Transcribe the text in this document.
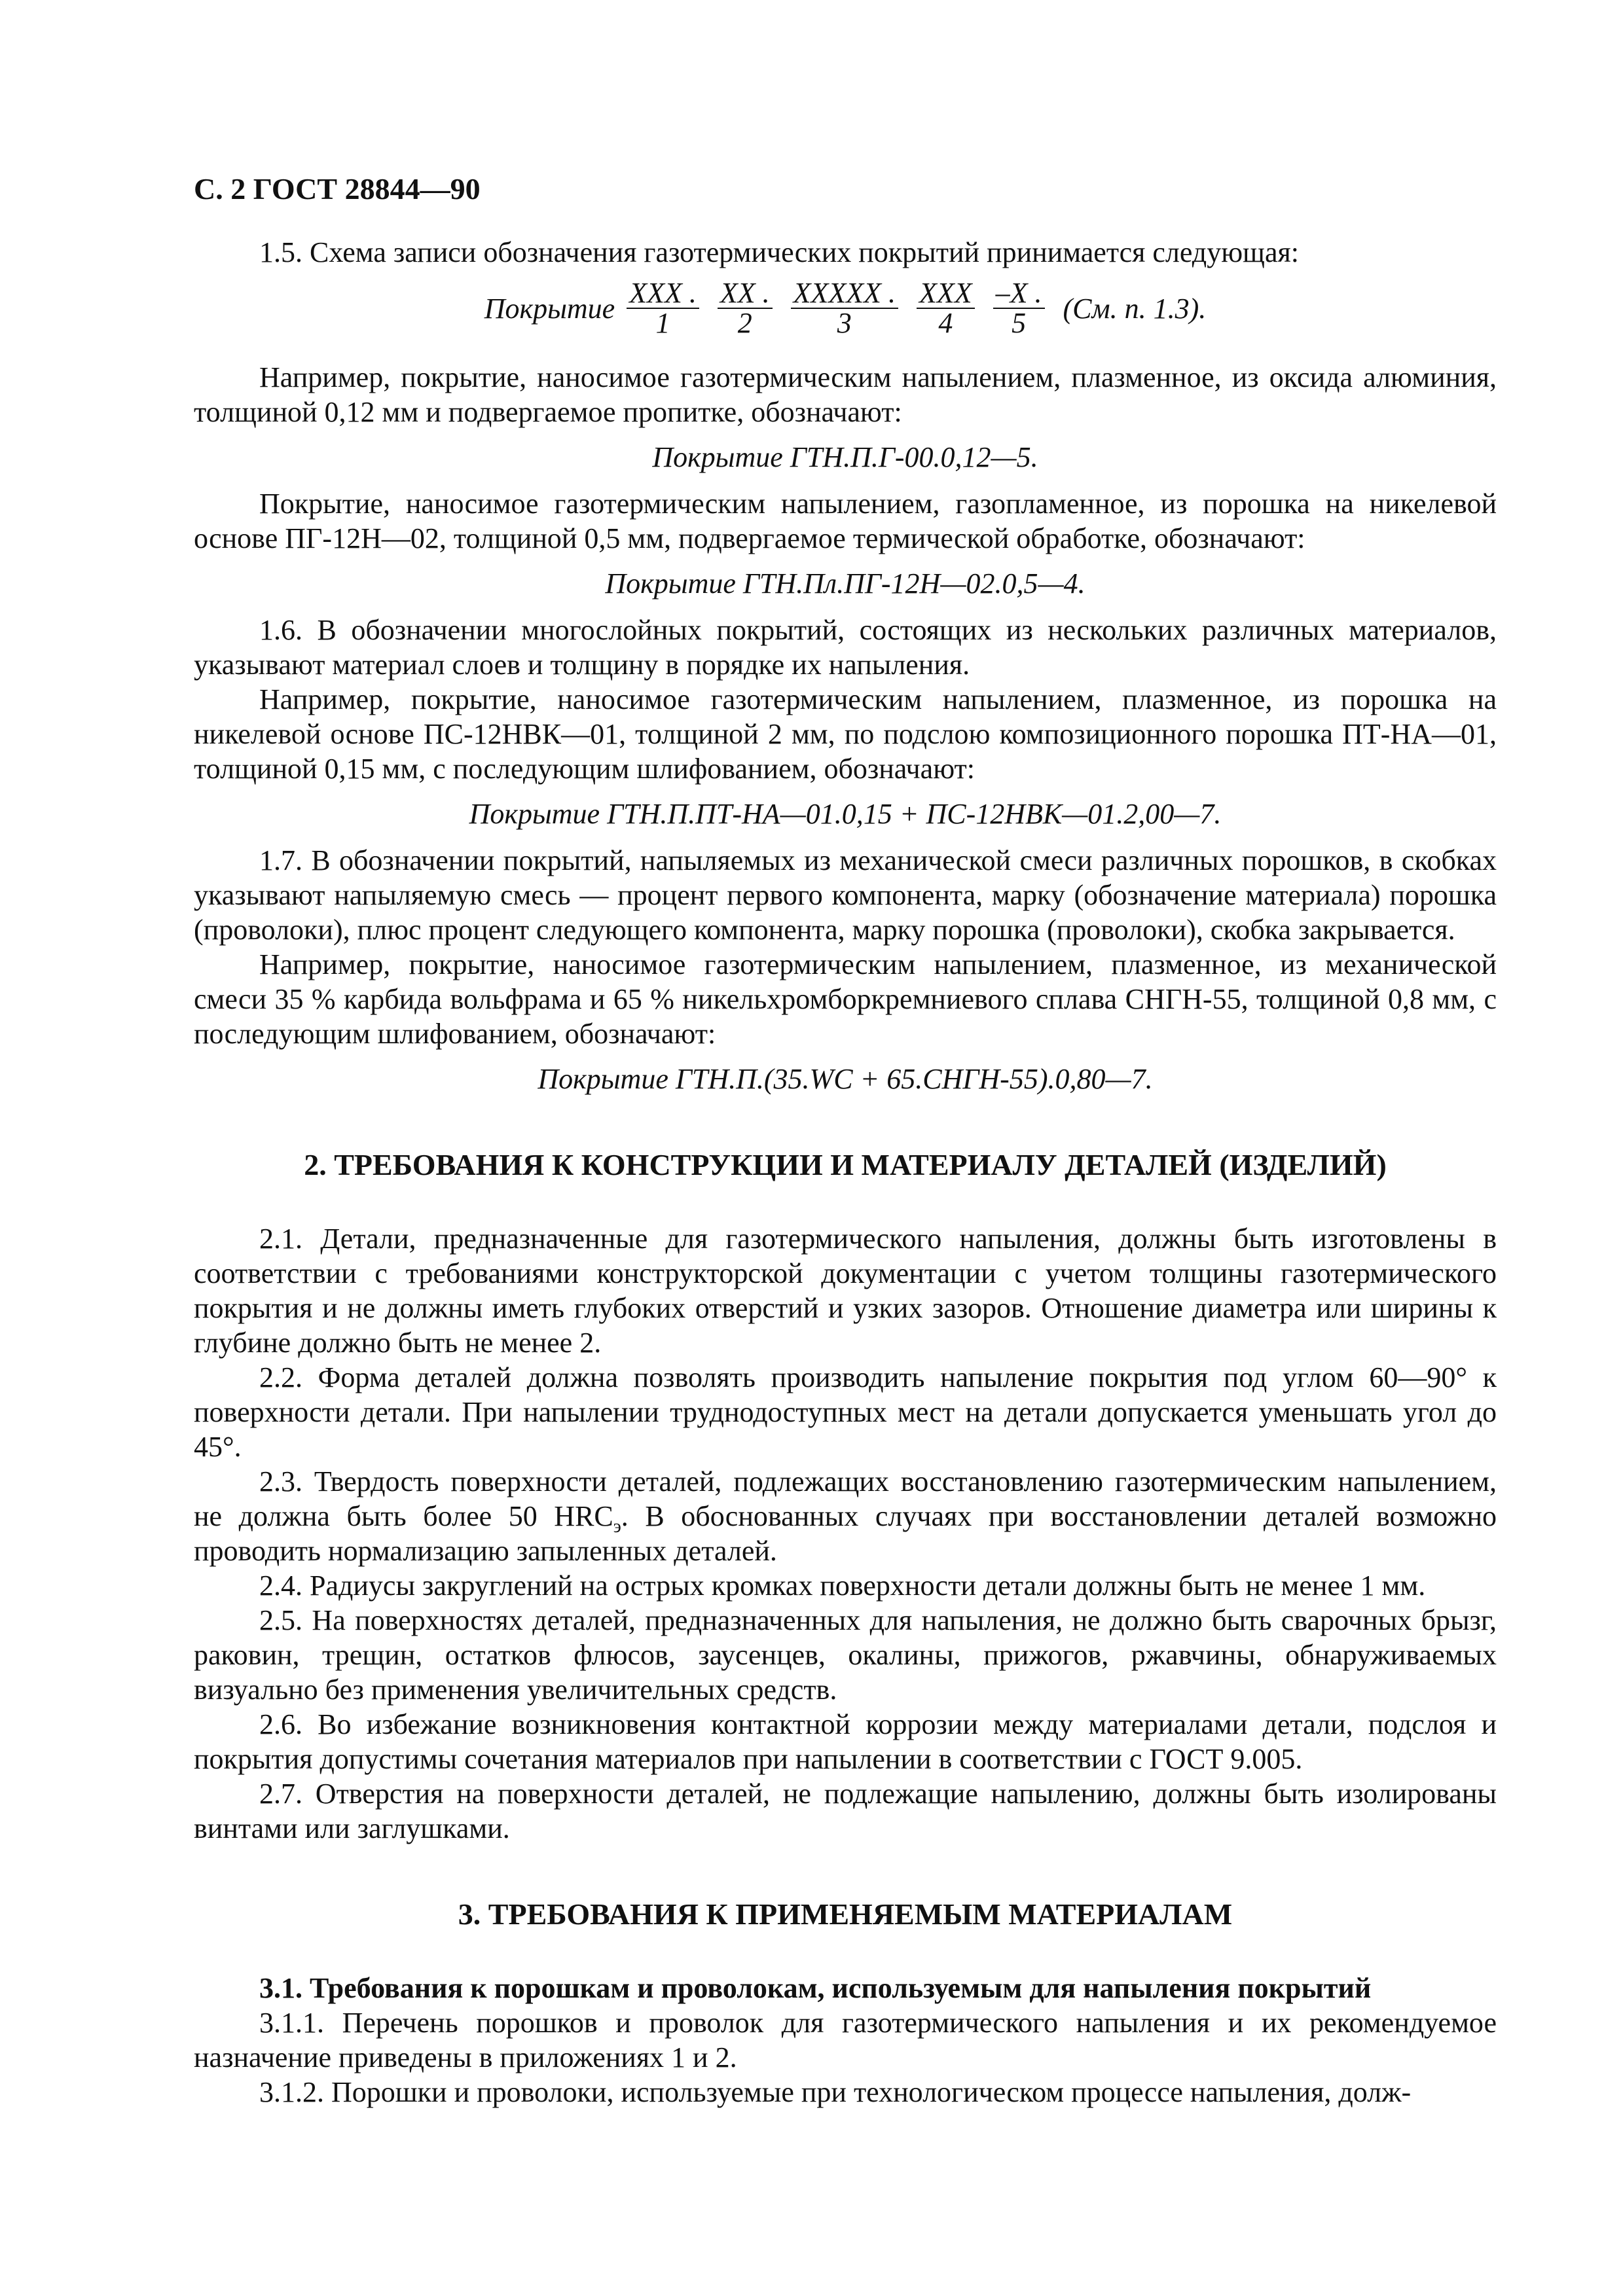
С. 2 ГОСТ 28844—90

1.5. Схема записи обозначения газотермических покрытий принимается следующая:

Покрытие $\frac{\text{XXX .}}{1} \frac{XX .}{2} \frac{\text{XXXXX .}}{3} \frac{\text{XXX}}{4} \frac{-X .}{5} (См$. п. 1.3).

Например, покрытие, наносимое газотермическим напылением, плазменное, из оксида алюминия, толщиной 0,12 мм и подвергаемое пропитке, обозначают:

Покрытие ГТН.П.Г-00.0,12—5.

Покрытие, наносимое газотермическим напылением, газопламенное, из порошка на никелевой основе ПГ-12Н—02, толщиной 0,5 мм, подвергаемое термической обработке, обозначают:

Покрытие ГТН.Пл.ПГ-12Н—02.0,5—4.

1.6. В обозначении многослойных покрытий, состоящих из нескольких различных материалов, указывают материал слоев и толщину в порядке их напыления.

Например, покрытие, наносимое газотермическим напылением, плазменное, из порошка на никелевой основе ПС-12НВК—01, толщиной 2 мм, по подслою композиционного порошка ПТ-НА—01, толщиной 0,15 мм, с последующим шлифованием, обозначают:

Покрытие ГТН.П.ПТ-НА—01.0,15 + ПС-12НВК—01.2,00—7.

1.7. В обозначении покрытий, напыляемых из механической смеси различных порошков, в скобках указывают напыляемую смесь — процент первого компонента, марку (обозначение материала) порошка (проволоки), плюс процент следующего компонента, марку порошка (проволоки), скобка закрывается.

Например, покрытие, наносимое газотермическим напылением, плазменное, из механической смеси 35 % карбида вольфрама и 65 % никельхромборкремниевого сплава СНГН-55, толщиной 0,8 мм, с последующим шлифованием, обозначают:

Покрытие ГТН.П.(35.WC + 65.СНГН-55).0,80—7.
2. ТРЕБОВАНИЯ К КОНСТРУКЦИИ И МАТЕРИАЛУ ДЕТАЛЕЙ (ИЗДЕЛИЙ)

2.1. Детали, предназначенные для газотермического напыления, должны быть изготовлены в соответствии с требованиями конструкторской документации с учетом толщины газотермического покрытия и не должны иметь глубоких отверстий и узких зазоров. Отношение диаметра или ширины к глубине должно быть не менее 2.

2.2. Форма деталей должна позволять производить напыление покрытия под углом 60—90° к поверхности детали. При напылении труднодоступных мест на детали допускается уменьшать угол до 45°.

2.3. Твердость поверхности деталей, подлежащих восстановлению газотермическим напылением, не должна быть более 50 $HRC_э$. В обоснованных случаях при восстановлении деталей возможно проводить нормализацию запыленных деталей.

2.4. Радиусы закруглений на острых кромках поверхности детали должны быть не менее 1 мм.

2.5. На поверхностях деталей, предназначенных для напыления, не должно быть сварочных брызг, раковин, трещин, остатков флюсов, заусенцев, окалины, прижогов, ржавчины, обнаруживаемых визуально без применения увеличительных средств.

2.6. Во избежание возникновения контактной коррозии между материалами детали, подслоя и покрытия допустимы сочетания материалов при напылении в соответствии с ГОСТ 9.005.

2.7. Отверстия на поверхности деталей, не подлежащие напылению, должны быть изолированы винтами или заглушками.

3. ТРЕБОВАНИЯ К ПРИМЕНЯЕМЫМ МАТЕРИАЛАМ

3.1. Требования к порошкам и проволокам, используемым для напыления покрытий

3.1.1. Перечень порошков и проволок для газотермического напыления и их рекомендуемое назначение приведены в приложениях 1 и 2.

3.1.2. Порошки и проволоки, используемые при технологическом процессе напыления, долж-
